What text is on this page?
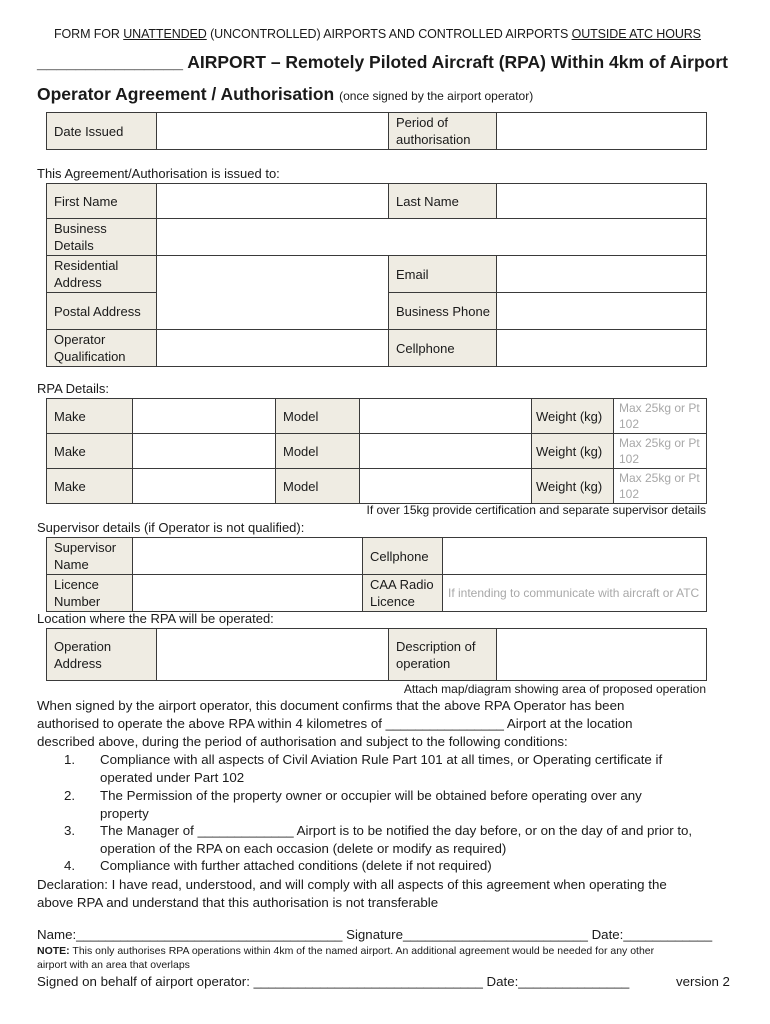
FORM FOR UNATTENDED (UNCONTROLLED) AIRPORTS AND CONTROLLED AIRPORTS OUTSIDE ATC HOURS
_______________ AIRPORT – Remotely Piloted Aircraft (RPA) Within 4km of Airport
Operator Agreement / Authorisation (once signed by the airport operator)
Date Issued		Period of authorisation	
This Agreement/Authorisation is issued to:
First Name		Last Name	
Business Details			
Residential Address		Email	
Postal Address		Business Phone	
Operator Qualification		Cellphone	
RPA Details:
Make		Model		Weight (kg)	Max 25kg or Pt 102
Make		Model		Weight (kg)	Max 25kg or Pt 102
Make		Model		Weight (kg)	Max 25kg or Pt 102
If over 15kg provide certification and separate supervisor details
Supervisor details (if Operator is not qualified):
Supervisor Name		Cellphone	
Licence Number		CAA Radio Licence	If intending to communicate with aircraft or ATC
Location where the RPA will be operated:
Operation Address		Description of operation	
Attach map/diagram showing area of proposed operation
When signed by the airport operator, this document confirms that the above RPA Operator has been
authorised to operate the above RPA within 4 kilometres of ________________ Airport at the location
described above, during the period of authorisation and subject to the following conditions:
1.	Compliance with all aspects of Civil Aviation Rule Part 101 at all times, or Operating certificate if
operated under Part 102
2.	The Permission of the property owner or occupier will be obtained before operating over any
property
3.	The Manager of _____________ Airport is to be notified the day before, or on the day of and prior to,
operation of the RPA on each occasion (delete or modify as required)
4.	Compliance with further attached conditions (delete if not required)
Declaration: I have read, understood, and will comply with all aspects of this agreement when operating the
above RPA and understand that this authorisation is not transferable
Name:____________________________________ Signature_________________________ Date:____________
NOTE: This only authorises RPA operations within 4km of the named airport. An additional agreement would be needed for any other
airport with an area that overlaps
Signed on behalf of airport operator: _______________________________ Date:_______________	version 2
